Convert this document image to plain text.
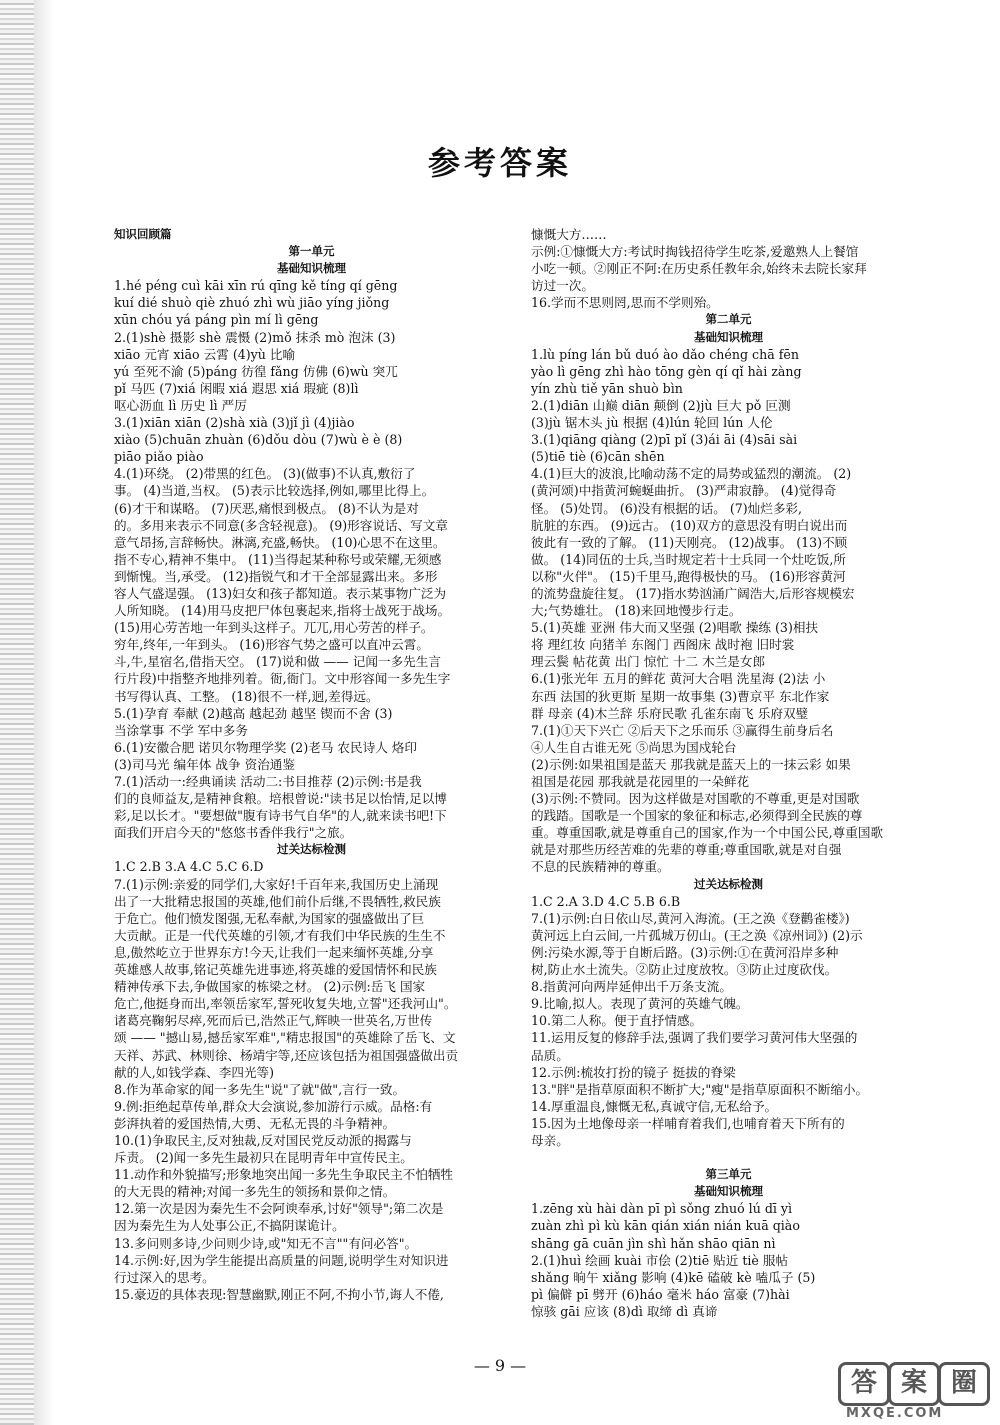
参考答案
知识回顾篇
第一单元
基础知识梳理
1.hé péng cuì kāi xīn rú qīng kě tíng qí gēng
kuí dié shuò qiè zhuó zhì wù jiāo yíng jiǒng
xūn chóu yá páng pìn mí lì gēng
2.(1)shè 摄影 shè 震慑 (2)mǒ 抹杀 mò 泡沫 (3)
xiāo 元宵 xiāo 云霄 (4)yù 比喻
yú 至死不渝 (5)páng 彷徨 fǎng 仿佛 (6)wù 突兀
pǐ 马匹 (7)xiá 闲暇 xiá 遐思 xiá 瑕疵 (8)lì
呕心沥血 lì 历史 lì 严厉
3.(1)xiān xiān (2)shà xià (3)jǐ jì (4)jiào
xiào (5)chuān zhuàn (6)dǒu dòu (7)wù è è (8)
piāo piǎo piào
4.(1)环绕。 (2)带黑的红色。 (3)(做事)不认真,敷衍了
事。 (4)当道,当权。 (5)表示比较选择,例如,哪里比得上。
(6)才干和谋略。 (7)厌恶,痛恨到极点。 (8)不认为是对
的。多用来表示不同意(多含轻视意)。 (9)形容说话、写文章
意气昂扬,言辞畅快。淋漓,充盛,畅快。 (10)心思不在这里。
指不专心,精神不集中。 (11)当得起某种称号或荣耀,无须感
到惭愧。当,承受。 (12)指锐气和才干全部显露出来。多形
容人气盛逞强。 (13)妇女和孩子都知道。表示某事物广泛为
人所知晓。 (14)用马皮把尸体包裹起来,指将士战死于战场。
(15)用心劳苦地一年到头这样子。兀兀,用心劳苦的样子。
穷年,终年,一年到头。 (16)形容气势之盛可以直冲云霄。
斗,牛,星宿名,借指天空。 (17)说和做 —— 记闻一多先生言
行片段)中指整齐地排列着。衙,衙门。文中形容闻一多先生字
书写得认真、工整。 (18)很不一样,迥,差得远。
5.(1)孕育 奉献 (2)越高 越起劲 越坚 锲而不舍 (3)
当涂掌事 不学 军中多务
6.(1)安徽合肥 诺贝尔物理学奖 (2)老马 农民诗人 烙印
(3)司马光 编年体 战争 资治通鉴
7.(1)活动一:经典诵读 活动二:书目推荐 (2)示例:书是我
们的良师益友,是精神食粮。培根曾说:"读书足以怡情,足以博
彩,足以长才。"要想做"腹有诗书气自华"的人,就来读书吧!下
面我们开启今天的"悠悠书香伴我行"之旅。
过关达标检测
1.C 2.B 3.A 4.C 5.C 6.D
7.(1)示例:亲爱的同学们,大家好!千百年来,我国历史上涌现
出了一大批精忠报国的英雄,他们前仆后继,不畏牺牲,救民族
于危亡。他们愤发图强,无私奉献,为国家的强盛做出了巨
大贡献。正是一代代英雄的引领,才有我们中华民族的生生不
息,傲然屹立于世界东方!今天,让我们一起来缅怀英雄,分享
英雄感人故事,铭记英雄先进事迹,将英雄的爱国情怀和民族
精神传承下去,争做国家的栋梁之材。 (2)示例:岳飞 国家
危亡,他挺身而出,率领岳家军,誓死收复失地,立誓"还我河山"。
诸葛亮鞠躬尽瘁,死而后已,浩然正气,辉映一世英名,万世传
颂 —— "撼山易,撼岳家军难","精忠报国"的英雄除了岳飞、文
天祥、苏武、林则徐、杨靖宇等,还应该包括为祖国强盛做出贡
献的人,如钱学森、李四光等)
8.作为革命家的闻一多先生"说"了就"做",言行一致。
9.例:拒绝起草传单,群众大会演说,参加游行示威。品格:有
彭湃执着的爱国热情,大勇、无私无畏的斗争精神。
10.(1)争取民主,反对独裁,反对国民党反动派的揭露与
斥责。 (2)闻一多先生最初只在昆明青年中宣传民主。
11.动作和外貌描写;形象地突出闻一多先生争取民主不怕牺牲
的大无畏的精神;对闻一多先生的领扬和景仰之情。
12.第一次是因为秦先生不会阿谀奉承,讨好"领导";第二次是
因为秦先生为人处事公正,不搞阴谋诡计。
13.多问则多诗,少问则少诗,或"知无不言""有问必答"。
14.示例:好,因为学生能提出高质量的问题,说明学生对知识进
行过深入的思考。
15.豪迈的具体表现:智慧幽默,刚正不阿,不拘小节,诲人不倦,
慷慨大方……
示例:①慷慨大方:考试时掏钱招待学生吃茶,爱邀熟人上餐馆
小吃一顿。②刚正不阿:在历史系任教年余,始终未去院长家拜
访过一次。
16.学而不思则罔,思而不学则殆。
第二单元
基础知识梳理
1.lù píng lán bǔ duó ào dǎo chéng chā fēn
yào lì gēng zhì hào tōng gèn qí qǐ hài zàng
yín zhù tiě yān shuò bìn
2.(1)diān 山巅 diān 颠倒 (2)jù 巨大 pǒ 叵测
(3)jù 锯木头 jù 根据 (4)lún 轮回 lún 人伦
3.(1)qiāng qiàng (2)pī pǐ (3)ái āi (4)sāi sài
(5)tiē tiè (6)cān shēn
4.(1)巨大的波浪,比喻动荡不定的局势或猛烈的潮流。 (2)
(黄河颂)中指黄河蜿蜒曲折。 (3)严肃寂静。 (4)觉得奇
怪。 (5)处罚。 (6)没有根据的话。 (7)灿烂多彩,
肮脏的东西。 (9)远古。 (10)双方的意思没有明白说出而
彼此有一致的了解。 (11)天刚亮。 (12)战事。 (13)不顾
做。 (14)同伍的士兵,当时规定若十士兵同一个灶吃饭,所
以称"火伴"。 (15)千里马,跑得极快的马。 (16)形容黄河
的流势盘旋往复。 (17)指水势汹涌广阔浩大,后形容规模宏
大;气势雄壮。 (18)来回地慢步行走。
5.(1)英雄 亚洲 伟大而又坚强 (2)唱歌 操练 (3)相扶
将 理红妆 向猪羊 东阁门 西阁床 战时袍 旧时裳
理云鬓 帖花黄 出门 惊忙 十二 木兰是女郎
6.(1)张光年 五月的鲜花 黄河大合唱 洗星海 (2)法 小
东西 法国的狄更斯 星期一故事集 (3)曹京平 东北作家
群 母亲 (4)木兰辞 乐府民歌 孔雀东南飞 乐府双璧
7.(1)①天下兴亡 ②后天下之乐而乐 ③赢得生前身后名
④人生自古谁无死 ⑤尚思为国戍轮台
(2)示例:如果祖国是蓝天 那我就是蓝天上的一抹云彩 如果
祖国是花园 那我就是花园里的一朵鲜花
(3)示例:不赞同。因为这样做是对国歌的不尊重,更是对国歌
的践踏。国歌是一个国家的象征和标志,必须得到全民族的尊
重。尊重国歌,就是尊重自己的国家,作为一个中国公民,尊重国歌
就是对那些历经苦难的先辈的尊重;尊重国歌,就是对自强
不息的民族精神的尊重。
过关达标检测
1.C 2.A 3.D 4.C 5.B 6.B
7.(1)示例:白日依山尽,黄河入海流。(王之涣《登鹳雀楼》)
黄河远上白云间,一片孤城万仞山。(王之涣《凉州词》) (2)示
例:污染水源,等于自断后路。(3)示例:①在黄河沿岸多种
树,防止水土流失。②防止过度放牧。③防止过度砍伐。
8.指黄河向两岸延伸出千万条支流。
9.比喻,拟人。表现了黄河的英雄气魄。
10.第二人称。便于直抒情感。
11.运用反复的修辞手法,强调了我们要学习黄河伟大坚强的
品质。
12.示例:梳妆打扮的镜子 挺拔的脊梁
13."胖"是指草原面积不断扩大;"瘦"是指草原面积不断缩小。
14.厚重温良,慷慨无私,真诚守信,无私给予。
15.因为土地像母亲一样哺育着我们,也哺育着天下所有的
母亲。
第三单元
基础知识梳理
1.zēng xù hài dàn pī pì sǒng zhuó lú dī yì
zuàn zhì pì kù kān qián xián nián kuā qiào
shāng gā cuān jìn shì hǎn shāo qiān nì
2.(1)huì 绘画 kuài 市侩 (2)tiē 贴近 tiè 服帖
shǎng 晌午 xiǎng 影响 (4)kē 磕破 kè 嗑瓜子 (5)
pì 偏僻 pī 劈开 (6)háo 毫米 háo 富豪 (7)hài
惊骇 gāi 应该 (8)dì 取缔 dì 真谛
— 9 —
答 案 圈
MXQE.COM
